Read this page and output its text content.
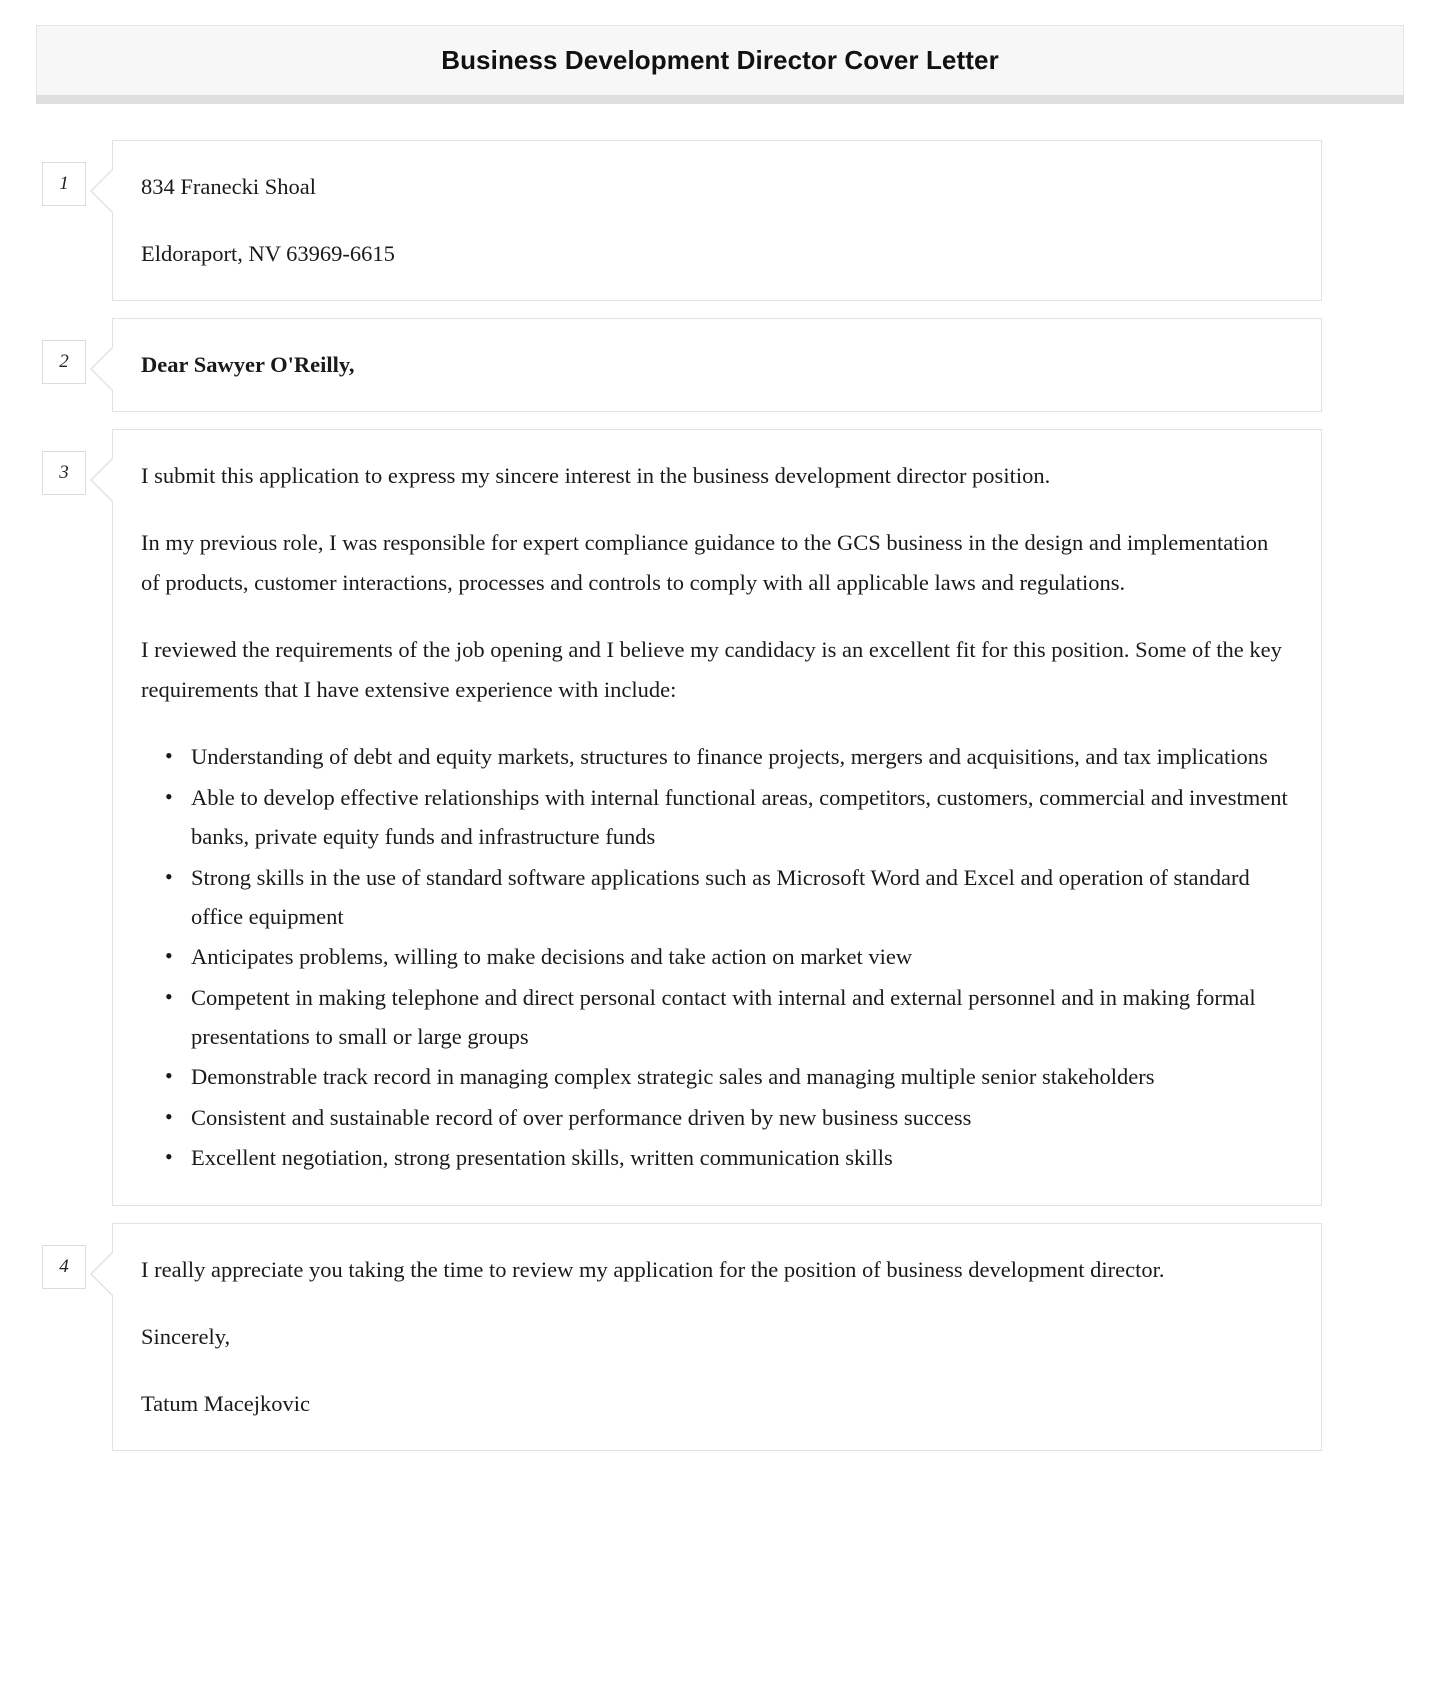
Business Development Director Cover Letter
1	834 Franecki Shoal

Eldoraport, NV 63969-6615

2	Dear Sawyer O'Reilly,

3	I submit this application to express my sincere interest in the business development director position.

In my previous role, I was responsible for expert compliance guidance to the GCS business in the design and implementation of products, customer interactions, processes and controls to comply with all applicable laws and regulations.

I reviewed the requirements of the job opening and I believe my candidacy is an excellent fit for this position. Some of the key requirements that I have extensive experience with include:

• Understanding of debt and equity markets, structures to finance projects, mergers and acquisitions, and tax implications
• Able to develop effective relationships with internal functional areas, competitors, customers, commercial and investment banks, private equity funds and infrastructure funds
• Strong skills in the use of standard software applications such as Microsoft Word and Excel and operation of standard office equipment
• Anticipates problems, willing to make decisions and take action on market view
• Competent in making telephone and direct personal contact with internal and external personnel and in making formal presentations to small or large groups
• Demonstrable track record in managing complex strategic sales and managing multiple senior stakeholders
• Consistent and sustainable record of over performance driven by new business success
• Excellent negotiation, strong presentation skills, written communication skills
4	I really appreciate you taking the time to review my application for the position of business development director.

Sincerely,

Tatum Macejkovic
